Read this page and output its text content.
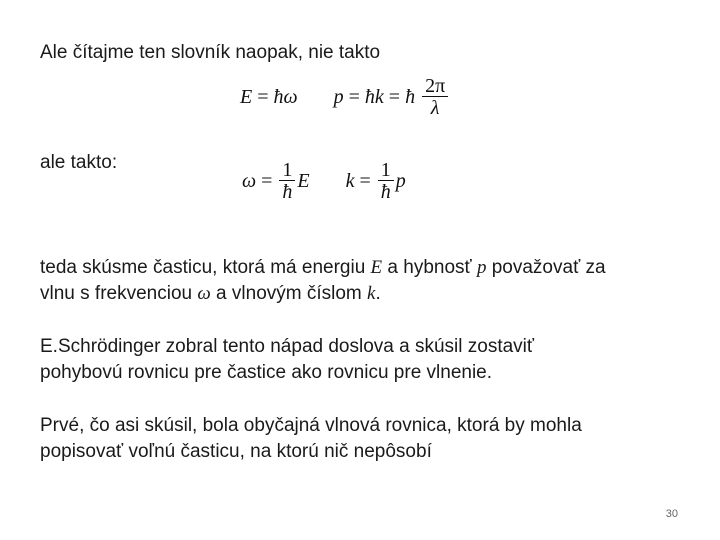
Ale čítajme ten slovník naopak, nie takto
E = ħω p = ħk = ħ $\frac{2\pi}{\lambda}$
ale takto:
$\omega = \frac{1}{ħ}$ E $k = \frac{1}{ħ}$ p
teda skúsme časticu, ktorá má energiu E a hybnosť p považovať za
vlnu s frekvenciou ω a vlnovým číslom k.
E.Schrödinger zobral tento nápad doslova a skúsil zostaviť
pohybovú rovnicu pre častice ako rovnicu pre vlnenie.
Prvé, čo asi skúsil, bola obyčajná vlnová rovnica, ktorá by mohla
popisovať voľnú časticu, na ktorú nič nepôsobí
30
